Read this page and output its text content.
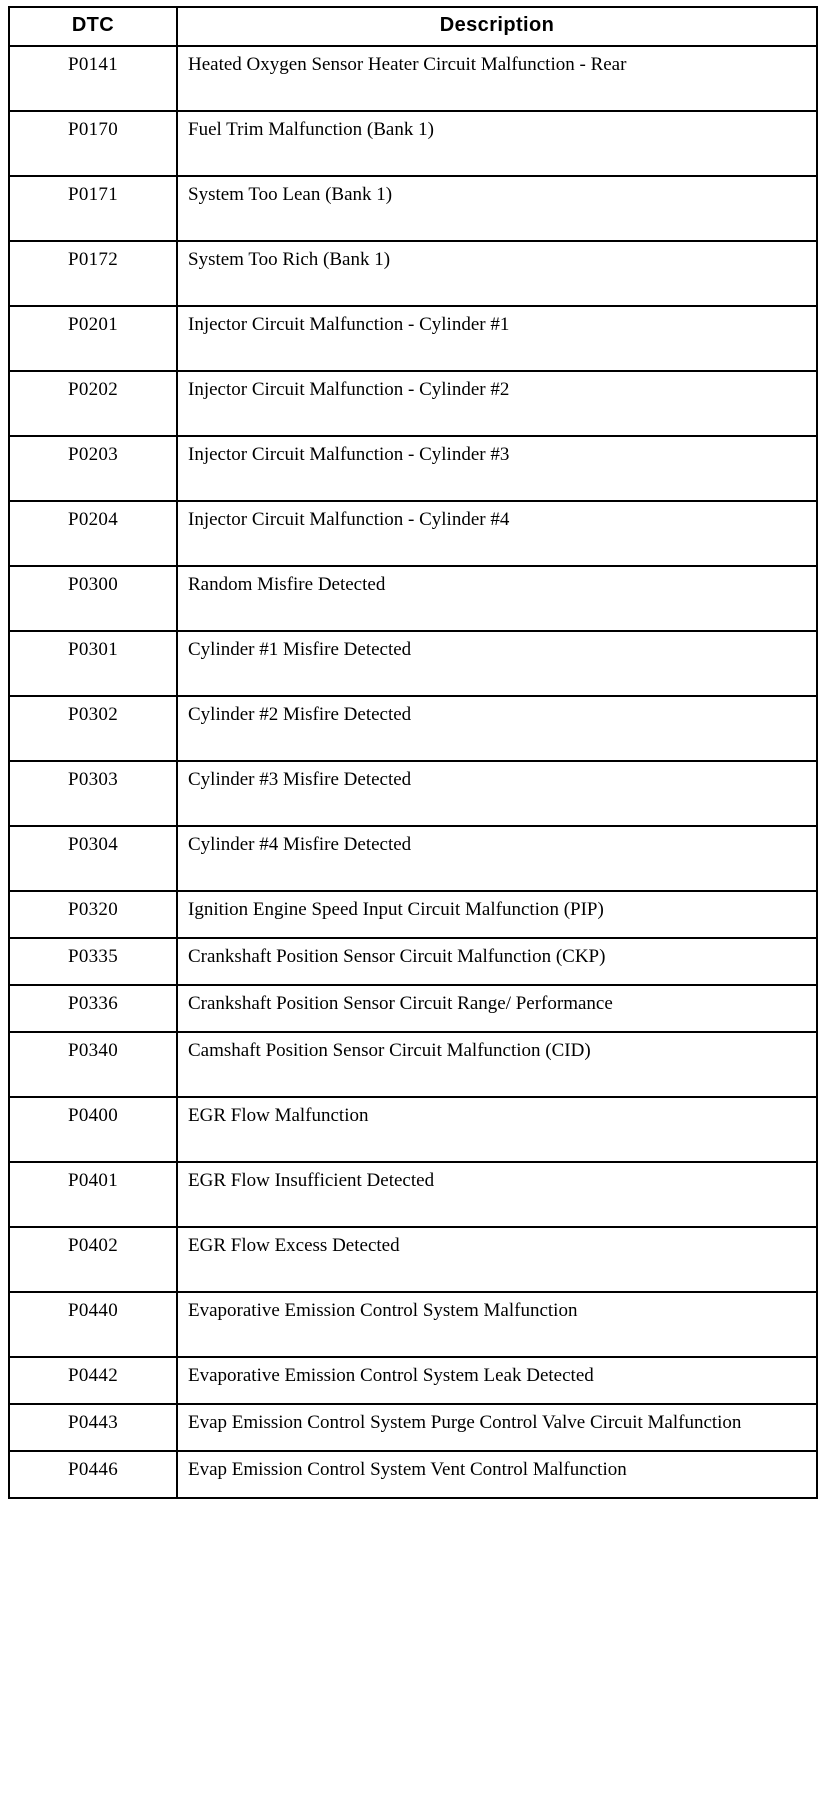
DTC	Description
P0141	Heated Oxygen Sensor Heater Circuit Malfunction - Rear
P0170	Fuel Trim Malfunction (Bank 1)
P0171	System Too Lean (Bank 1)
P0172	System Too Rich (Bank 1)
P0201	Injector Circuit Malfunction - Cylinder #1
P0202	Injector Circuit Malfunction - Cylinder #2
P0203	Injector Circuit Malfunction - Cylinder #3
P0204	Injector Circuit Malfunction - Cylinder #4
P0300	Random Misfire Detected
P0301	Cylinder #1 Misfire Detected
P0302	Cylinder #2 Misfire Detected
P0303	Cylinder #3 Misfire Detected
P0304	Cylinder #4 Misfire Detected
P0320	Ignition Engine Speed Input Circuit Malfunction (PIP)
P0335	Crankshaft Position Sensor Circuit Malfunction (CKP)
P0336	Crankshaft Position Sensor Circuit Range/ Performance
P0340	Camshaft Position Sensor Circuit Malfunction (CID)
P0400	EGR Flow Malfunction
P0401	EGR Flow Insufficient Detected
P0402	EGR Flow Excess Detected
P0440	Evaporative Emission Control System Malfunction
P0442	Evaporative Emission Control System Leak Detected
P0443	Evap Emission Control System Purge Control Valve Circuit Malfunction
P0446	Evap Emission Control System Vent Control Malfunction
